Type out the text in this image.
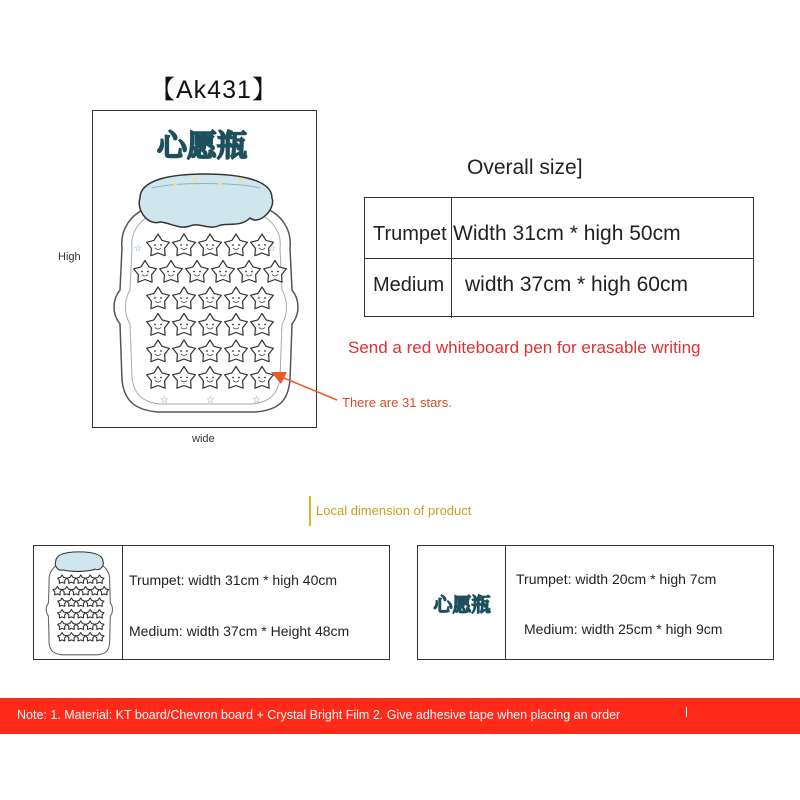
【Ak431】
High
wide
心愿瓶
☆	☆	☆
☆	☆
Overall size]
Trumpet Width 31cm * high 50cm
Medium width 37cm * high 60cm
Send a red whiteboard pen for erasable writing
There are 31 stars.
Local dimension of product
Trumpet: width 31cm * high 40cm
Medium: width 37cm * Height 48cm
心愿瓶
Trumpet: width 20cm * high 7cm
Medium: width 25cm * high 9cm
Note: 1. Material: KT board/Chevron board + Crystal Bright Film 2. Give adhesive tape when placing an order
